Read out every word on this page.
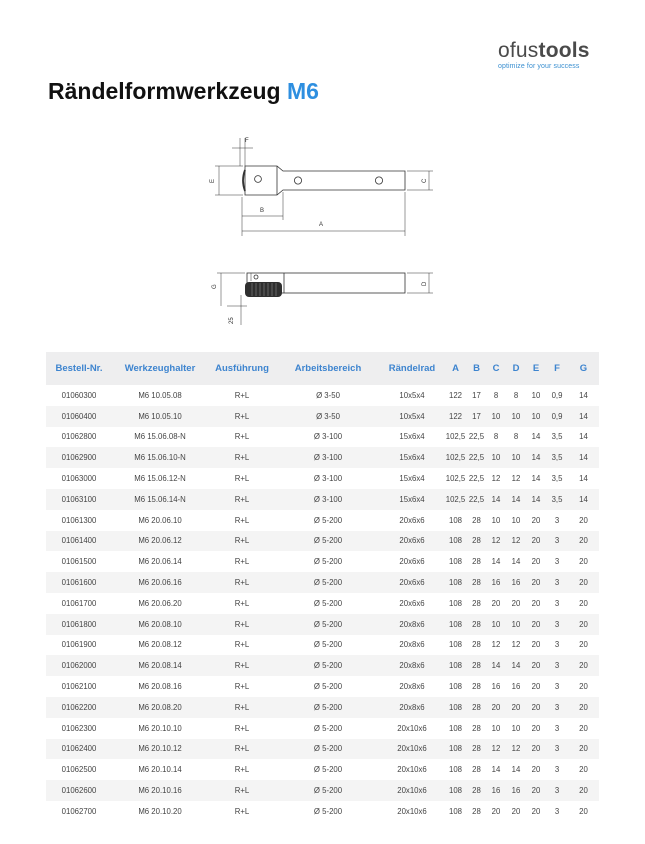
ofustools
optimize for your success
Rändelformwerkzeug M6
F
E	C
B
A
G
D
25
Bestell-Nr.	Werkzeughalter	Ausführung	Arbeitsbereich	Rändelrad	A	B	C	D	E	F	G
01060300	M6 10.05.08	R+L	Ø 3-50	10x5x4	122	17	8	8	10	0,9	14
01060400	M6 10.05.10	R+L	Ø 3-50	10x5x4	122	17	10	10	10	0,9	14
01062800	M6 15.06.08-N	R+L	Ø 3-100	15x6x4	102,5	22,5	8	8	14	3,5	14
01062900	M6 15.06.10-N	R+L	Ø 3-100	15x6x4	102,5	22,5	10	10	14	3,5	14
01063000	M6 15.06.12-N	R+L	Ø 3-100	15x6x4	102,5	22,5	12	12	14	3,5	14
01063100	M6 15.06.14-N	R+L	Ø 3-100	15x6x4	102,5	22,5	14	14	14	3,5	14
01061300	M6 20.06.10	R+L	Ø 5-200	20x6x6	108	28	10	10	20	3	20
01061400	M6 20.06.12	R+L	Ø 5-200	20x6x6	108	28	12	12	20	3	20
01061500	M6 20.06.14	R+L	Ø 5-200	20x6x6	108	28	14	14	20	3	20
01061600	M6 20.06.16	R+L	Ø 5-200	20x6x6	108	28	16	16	20	3	20
01061700	M6 20.06.20	R+L	Ø 5-200	20x6x6	108	28	20	20	20	3	20
01061800	M6 20.08.10	R+L	Ø 5-200	20x8x6	108	28	10	10	20	3	20
01061900	M6 20.08.12	R+L	Ø 5-200	20x8x6	108	28	12	12	20	3	20
01062000	M6 20.08.14	R+L	Ø 5-200	20x8x6	108	28	14	14	20	3	20
01062100	M6 20.08.16	R+L	Ø 5-200	20x8x6	108	28	16	16	20	3	20
01062200	M6 20.08.20	R+L	Ø 5-200	20x8x6	108	28	20	20	20	3	20
01062300	M6 20.10.10	R+L	Ø 5-200	20x10x6	108	28	10	10	20	3	20
01062400	M6 20.10.12	R+L	Ø 5-200	20x10x6	108	28	12	12	20	3	20
01062500	M6 20.10.14	R+L	Ø 5-200	20x10x6	108	28	14	14	20	3	20
01062600	M6 20.10.16	R+L	Ø 5-200	20x10x6	108	28	16	16	20	3	20
01062700	M6 20.10.20	R+L	Ø 5-200	20x10x6	108	28	20	20	20	3	20
